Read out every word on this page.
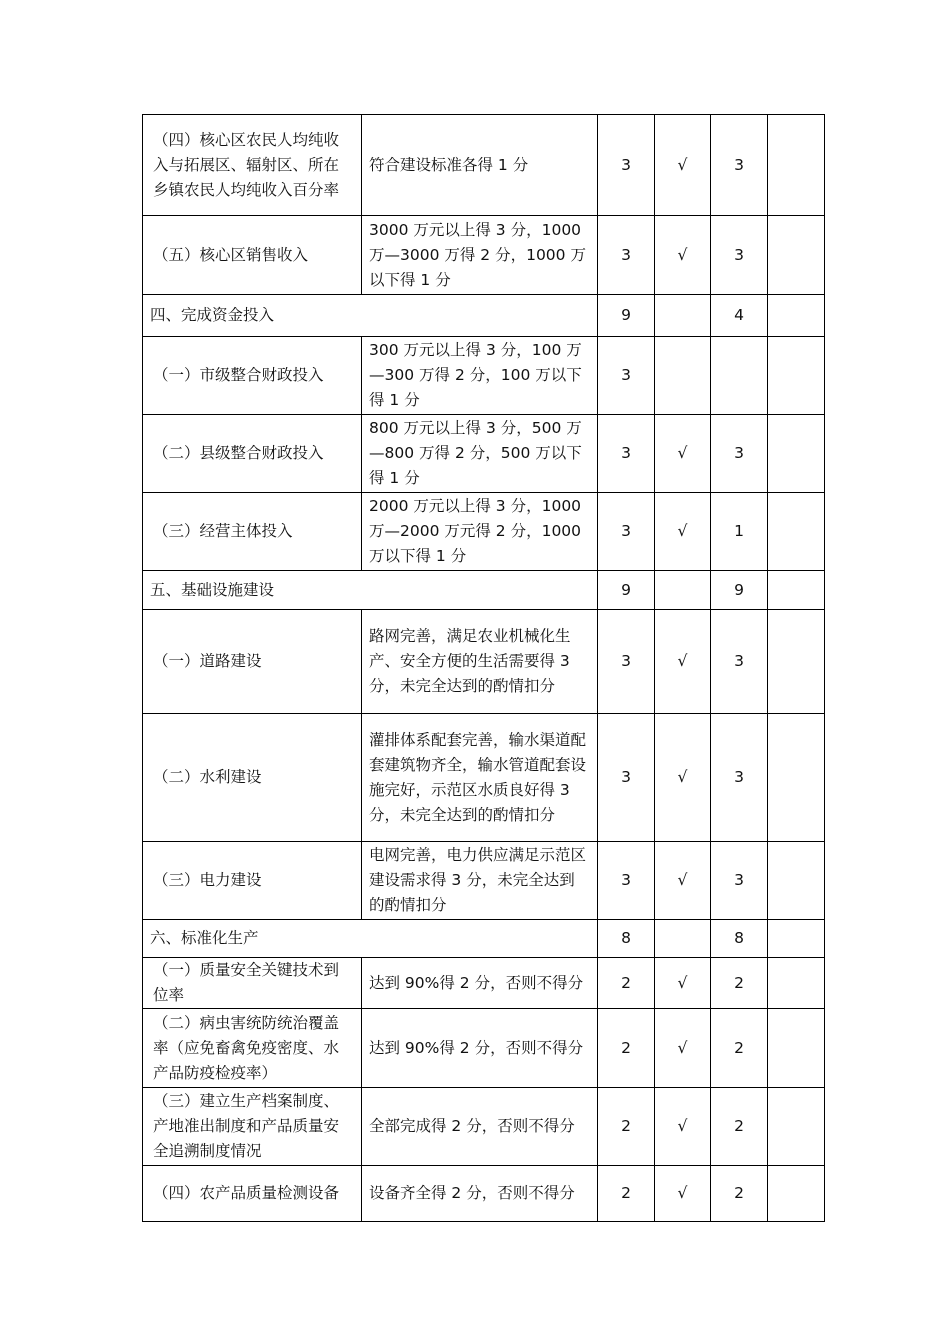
（四）核心区农民人均纯收入与拓展区、辐射区、所在乡镇农民人均纯收入百分率	符合建设标准各得 1 分	3	√	3	
（五）核心区销售收入	3000 万元以上得 3 分，1000 万—3000 万得 2 分，1000 万以下得 1 分	3	√	3	
四、完成资金投入		9		4	
（一）市级整合财政投入	300 万元以上得 3 分，100 万—300 万得 2 分，100 万以下得 1 分	3			
（二）县级整合财政投入	800 万元以上得 3 分，500 万—800 万得 2 分，500 万以下得 1 分	3	√	3	
（三）经营主体投入	2000 万元以上得 3 分，1000 万—2000 万元得 2 分，1000 万以下得 1 分	3	√	1	
五、基础设施建设		9		9	
（一）道路建设	路网完善，满足农业机械化生产、安全方便的生活需要得 3 分，未完全达到的酌情扣分	3	√	3	
（二）水利建设	灌排体系配套完善，输水渠道配套建筑物齐全，输水管道配套设施完好，示范区水质良好得 3 分，未完全达到的酌情扣分	3	√	3	
（三）电力建设	电网完善，电力供应满足示范区建设需求得 3 分，未完全达到的酌情扣分	3	√	3	
六、标准化生产		8		8	
（一）质量安全关键技术到位率	达到 90%得 2 分，否则不得分	2	√	2	
（二）病虫害统防统治覆盖率（应免畜禽免疫密度、水产品防疫检疫率）	达到 90%得 2 分，否则不得分	2	√	2	
（三）建立生产档案制度、产地准出制度和产品质量安全追溯制度情况	全部完成得 2 分，否则不得分	2	√	2	
（四）农产品质量检测设备	设备齐全得 2 分，否则不得分	2	√	2	
